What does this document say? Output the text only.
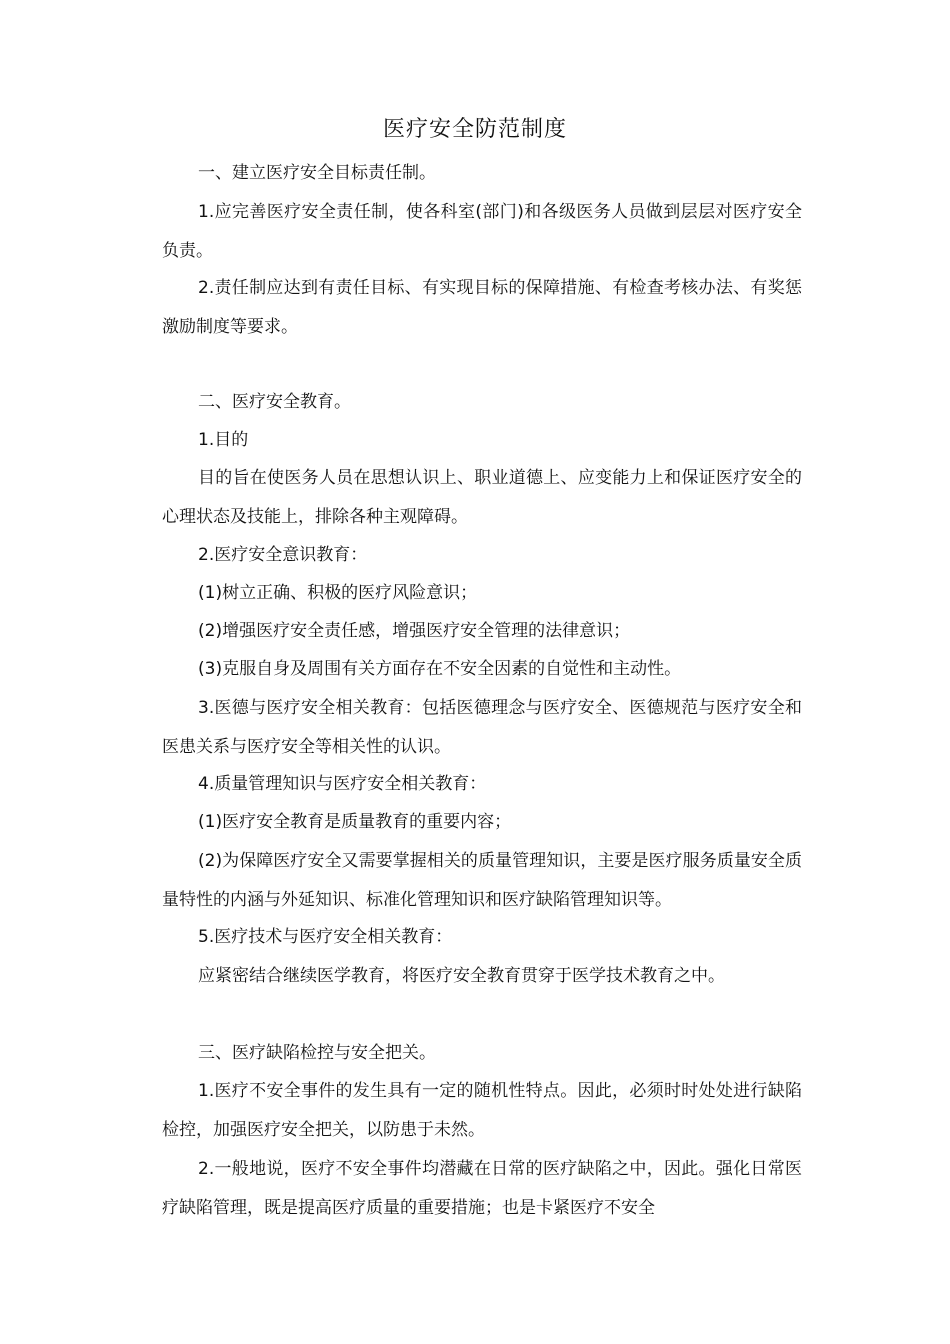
医疗安全防范制度
一、建立医疗安全目标责任制。
1.应完善医疗安全责任制，使各科室(部门)和各级医务人员做到层层对医疗安全负责。
2.责任制应达到有责任目标、有实现目标的保障措施、有检查考核办法、有奖惩激励制度等要求。
二、医疗安全教育。
1.目的
目的旨在使医务人员在思想认识上、职业道德上、应变能力上和保证医疗安全的心理状态及技能上，排除各种主观障碍。
2.医疗安全意识教育：
(1)树立正确、积极的医疗风险意识；
(2)增强医疗安全责任感，增强医疗安全管理的法律意识；
(3)克服自身及周围有关方面存在不安全因素的自觉性和主动性。
3.医德与医疗安全相关教育：包括医德理念与医疗安全、医德规范与医疗安全和医患关系与医疗安全等相关性的认识。
4.质量管理知识与医疗安全相关教育：
(1)医疗安全教育是质量教育的重要内容；
(2)为保障医疗安全又需要掌握相关的质量管理知识，主要是医疗服务质量安全质量特性的内涵与外延知识、标准化管理知识和医疗缺陷管理知识等。
5.医疗技术与医疗安全相关教育：
应紧密结合继续医学教育，将医疗安全教育贯穿于医学技术教育之中。
三、医疗缺陷检控与安全把关。
1.医疗不安全事件的发生具有一定的随机性特点。因此，必须时时处处进行缺陷检控，加强医疗安全把关，以防患于未然。
2.一般地说，医疗不安全事件均潜藏在日常的医疗缺陷之中，因此。强化日常医疗缺陷管理，既是提高医疗质量的重要措施；也是卡紧医疗不安全
